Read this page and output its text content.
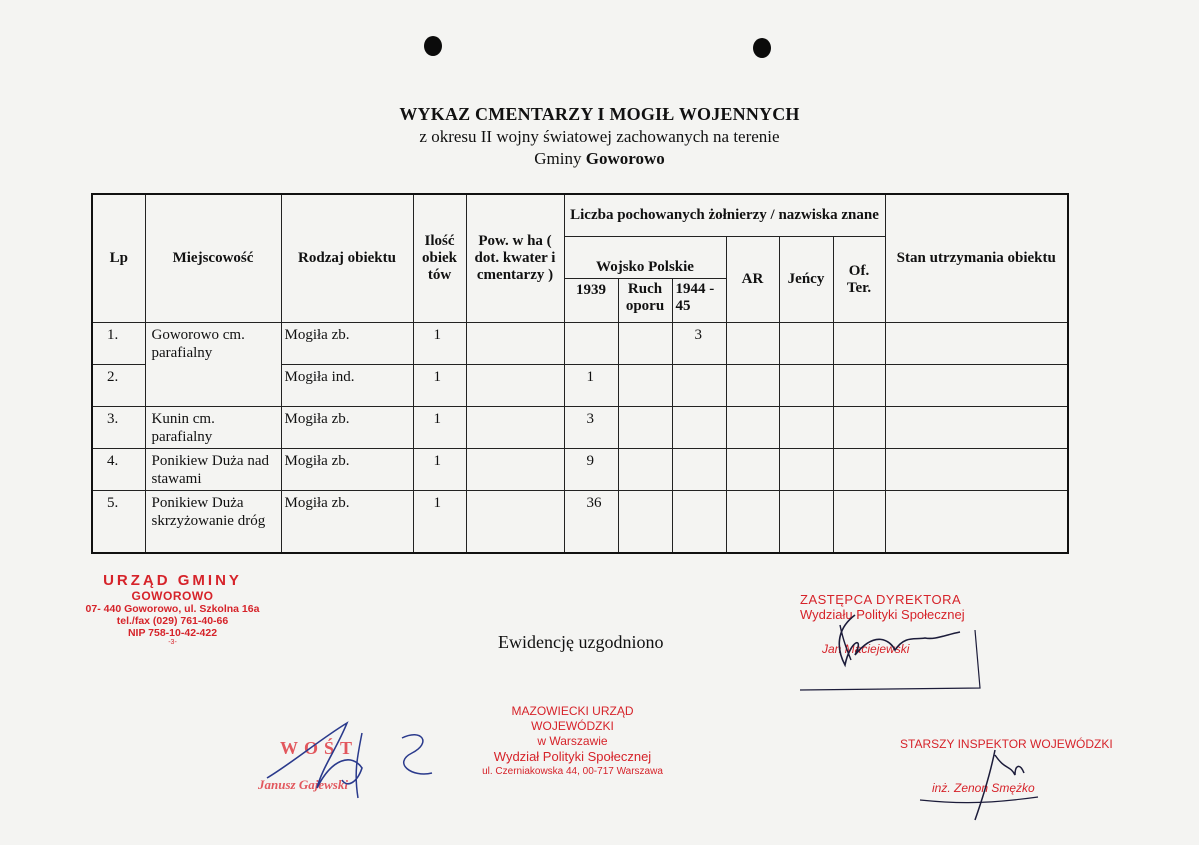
WYKAZ CMENTARZY I MOGIŁ WOJENNYCH
z okresu II wojny światowej zachowanych na terenie
Gminy Goworowo
Lp	Miejscowość	Rodzaj obiektu	Ilość obiek tów	Pow. w ha ( dot. kwater i cmentarzy )	Liczba pochowanych żołnierzy / nazwiska znane						Stan utrzymania obiektu
					Wojsko Polskie			AR	Jeńcy	Of. Ter.	
					1939	Ruch oporu	1944 - 45				
1.	Goworowo cm. parafialny	Mogiła zb.	1				3				
2.		Mogiła ind.	1		1						
3.	Kunin cm. parafialny	Mogiła zb.	1		3						
4.	Ponikiew Duża nad stawami	Mogiła zb.	1		9						
5.	Ponikiew Duża skrzyżowanie dróg	Mogiła zb.	1		36						
URZĄD GMINY
GOWOROWO
07- 440 Goworowo, ul. Szkolna 16a
tel./fax (029) 761-40-66
NIP 758-10-42-422
-3-	Ewidencję uzgodniono
MAZOWIECKI URZĄD WOJEWÓDZKI
w Warszawie
Wydział Polityki Społecznej
ul. Czerniakowska 44, 00-717 Warszawa
ZASTĘPCA DYREKTORA
Wydziału Polityki Społecznej
Jan Maciejewski
STARSZY INSPEKTOR WOJEWÓDZKI
inż. Zenon Smężko
WOŚT
Janusz Gajewski
